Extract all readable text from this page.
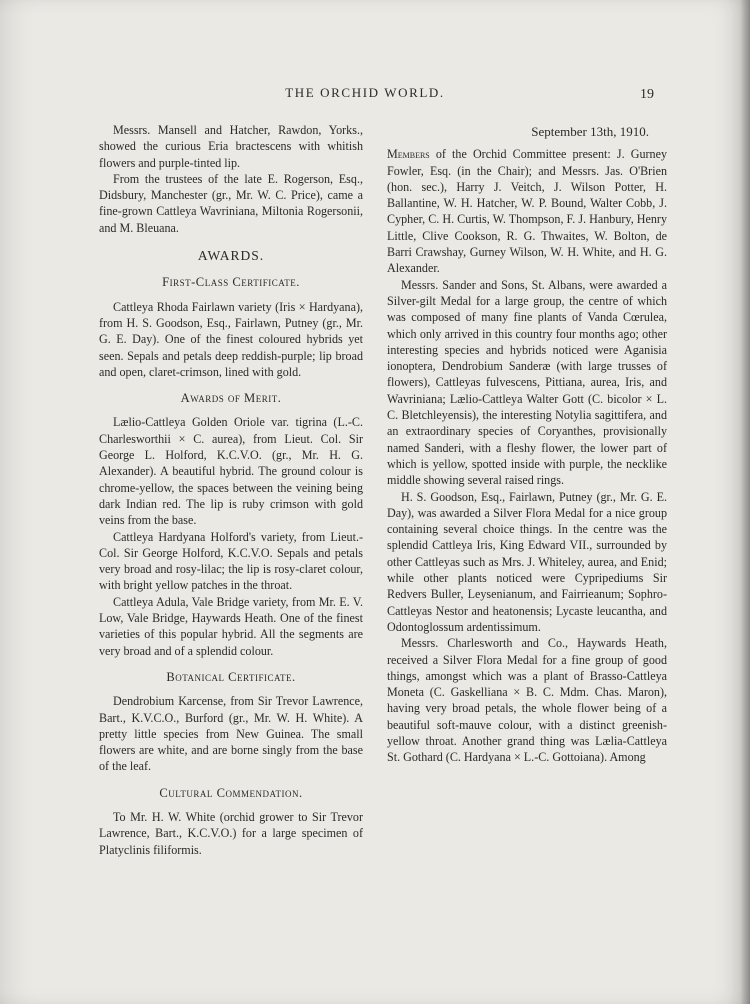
THE ORCHID WORLD.	19

Messrs. Mansell and Hatcher, Rawdon, Yorks., showed the curious Eria bractescens with whitish flowers and purple-tinted lip.

From the trustees of the late E. Rogerson, Esq., Didsbury, Manchester (gr., Mr. W. C. Price), came a fine-grown Cattleya Wavriniana, Miltonia Rogersonii, and M. Bleuana.

AWARDS.
First-Class Certificate.

Cattleya Rhoda Fairlawn variety (Iris × Hardyana), from H. S. Goodson, Esq., Fairlawn, Putney (gr., Mr. G. E. Day). One of the finest coloured hybrids yet seen. Sepals and petals deep reddish-purple; lip broad and open, claret-crimson, lined with gold.

Awards of Merit.

Lælio-Cattleya Golden Oriole var. tigrina (L.-C. Charlesworthii × C. aurea), from Lieut. Col. Sir George L. Holford, K.C.V.O. (gr., Mr. H. G. Alexander). A beautiful hybrid. The ground colour is chrome-yellow, the spaces between the veining being dark Indian red. The lip is ruby crimson with gold veins from the base.

Cattleya Hardyana Holford's variety, from Lieut.-Col. Sir George Holford, K.C.V.O. Sepals and petals very broad and rosy-lilac; the lip is rosy-claret colour, with bright yellow patches in the throat.

Cattleya Adula, Vale Bridge variety, from Mr. E. V. Low, Vale Bridge, Haywards Heath. One of the finest varieties of this popular hybrid. All the segments are very broad and of a splendid colour.

Botanical Certificate.

Dendrobium Karcense, from Sir Trevor Lawrence, Bart., K.V.C.O., Burford (gr., Mr. W. H. White). A pretty little species from New Guinea. The small flowers are white, and are borne singly from the base of the leaf.

Cultural Commendation.

To Mr. H. W. White (orchid grower to Sir Trevor Lawrence, Bart., K.C.V.O.) for a large specimen of Platyclinis filiformis.

September 13th, 1910.

Members of the Orchid Committee present: J. Gurney Fowler, Esq. (in the Chair); and Messrs. Jas. O'Brien (hon. sec.), Harry J. Veitch, J. Wilson Potter, H. Ballantine, W. H. Hatcher, W. P. Bound, Walter Cobb, J. Cypher, C. H. Curtis, W. Thompson, F. J. Hanbury, Henry Little, Clive Cookson, R. G. Thwaites, W. Bolton, de Barri Crawshay, Gurney Wilson, W. H. White, and H. G. Alexander.

Messrs. Sander and Sons, St. Albans, were awarded a Silver-gilt Medal for a large group, the centre of which was composed of many fine plants of Vanda Cœrulea, which only arrived in this country four months ago; other interesting species and hybrids noticed were Aganisia ionoptera, Dendrobium Sanderæ (with large trusses of flowers), Cattleyas fulvescens, Pittiana, aurea, Iris, and Wavriniana; Lælio-Cattleya Walter Gott (C. bicolor × L. C. Bletchleyensis), the interesting Notylia sagittifera, and an extraordinary species of Coryanthes, provisionally named Sanderi, with a fleshy flower, the lower part of which is yellow, spotted inside with purple, the necklike middle showing several raised rings.

H. S. Goodson, Esq., Fairlawn, Putney (gr., Mr. G. E. Day), was awarded a Silver Flora Medal for a nice group containing several choice things. In the centre was the splendid Cattleya Iris, King Edward VII., surrounded by other Cattleyas such as Mrs. J. Whiteley, aurea, and Enid; while other plants noticed were Cypripediums Sir Redvers Buller, Leysenianum, and Fairrieanum; Sophro-Cattleyas Nestor and heatonensis; Lycaste leucantha, and Odontoglossum ardentissimum.

Messrs. Charlesworth and Co., Haywards Heath, received a Silver Flora Medal for a fine group of good things, amongst which was a plant of Brasso-Cattleya Moneta (C. Gaskelliana × B. C. Mdm. Chas. Maron), having very broad petals, the whole flower being of a beautiful soft-mauve colour, with a distinct greenish-yellow throat. Another grand thing was Lælia-Cattleya St. Gothard (C. Hardyana × L.-C. Gottoiana). Among
